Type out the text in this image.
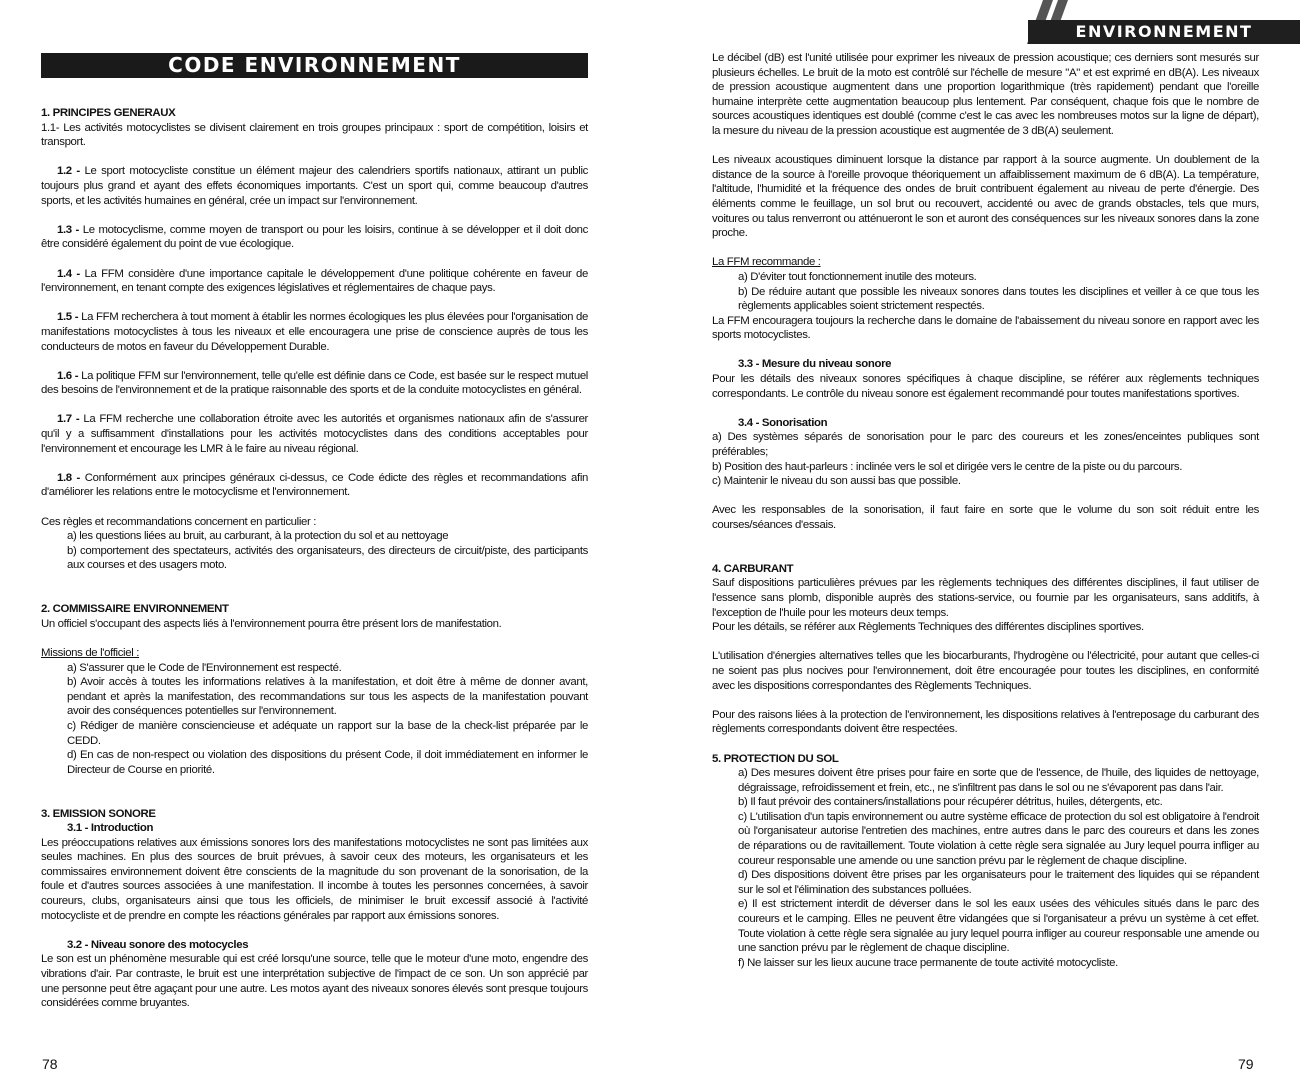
CODE ENVIRONNEMENT

1. PRINCIPES GENERAUX

1.1- Les activités motocyclistes se divisent clairement en trois groupes principaux : sport de compétition, loisirs et transport.

1.2 - Le sport motocycliste constitue un élément majeur des calendriers sportifs nationaux, attirant un public toujours plus grand et ayant des effets économiques importants. C'est un sport qui, comme beaucoup d'autres sports, et les activités humaines en général, crée un impact sur l'environnement.

1.3 - Le motocyclisme, comme moyen de transport ou pour les loisirs, continue à se développer et il doit donc être considéré également du point de vue écologique.

1.4 - La FFM considère d'une importance capitale le développement d'une politique cohérente en faveur de l'environnement, en tenant compte des exigences législatives et réglementaires de chaque pays.

1.5 - La FFM recherchera à tout moment à établir les normes écologiques les plus élevées pour l'organisation de manifestations motocyclistes à tous les niveaux et elle encouragera une prise de conscience auprès de tous les conducteurs de motos en faveur du Développement Durable.

1.6 - La politique FFM sur l'environnement, telle qu'elle est définie dans ce Code, est basée sur le respect mutuel des besoins de l'environnement et de la pratique raisonnable des sports et de la conduite motocyclistes en général.

1.7 - La FFM recherche une collaboration étroite avec les autorités et organismes nationaux afin de s'assurer qu'il y a suffisamment d'installations pour les activités motocyclistes dans des conditions acceptables pour l'environnement et encourage les LMR à le faire au niveau régional.

1.8 - Conformément aux principes généraux ci-dessus, ce Code édicte des règles et recommandations afin d'améliorer les relations entre le motocyclisme et l'environnement.

Ces règles et recommandations concernent en particulier :

a) les questions liées au bruit, au carburant, à la protection du sol et au nettoyage

b) comportement des spectateurs, activités des organisateurs, des directeurs de circuit/piste, des participants aux courses et des usagers moto.

2. COMMISSAIRE ENVIRONNEMENT

Un officiel s'occupant des aspects liés à l'environnement pourra être présent lors de manifestation.

Missions de l'officiel :

a) S'assurer que le Code de l'Environnement est respecté.

b) Avoir accès à toutes les informations relatives à la manifestation, et doit être à même de donner avant, pendant et après la manifestation, des recommandations sur tous les aspects de la manifestation pouvant avoir des conséquences potentielles sur l'environnement.

c) Rédiger de manière consciencieuse et adéquate un rapport sur la base de la check-list préparée par le CEDD.

d) En cas de non-respect ou violation des dispositions du présent Code, il doit immédiatement en informer le Directeur de Course en priorité.

3. EMISSION SONORE

3.1 - Introduction

Les préoccupations relatives aux émissions sonores lors des manifestations motocyclistes ne sont pas limitées aux seules machines. En plus des sources de bruit prévues, à savoir ceux des moteurs, les organisateurs et les commissaires environnement doivent être conscients de la magnitude du son provenant de la sonorisation, de la foule et d'autres sources associées à une manifestation. Il incombe à toutes les personnes concernées, à savoir coureurs, clubs, organisateurs ainsi que tous les officiels, de minimiser le bruit excessif associé à l'activité motocycliste et de prendre en compte les réactions générales par rapport aux émissions sonores.

3.2 - Niveau sonore des motocycles

Le son est un phénomène mesurable qui est créé lorsqu'une source, telle que le moteur d'une moto, engendre des vibrations d'air. Par contraste, le bruit est une interprétation subjective de l'impact de ce son. Un son apprécié par une personne peut être agaçant pour une autre. Les motos ayant des niveaux sonores élevés sont presque toujours considérées comme bruyantes.

78
ENVIRONNEMENT

Le décibel (dB) est l'unité utilisée pour exprimer les niveaux de pression acoustique; ces derniers sont mesurés sur plusieurs échelles. Le bruit de la moto est contrôlé sur l'échelle de mesure "A" et est exprimé en dB(A). Les niveaux de pression acoustique augmentent dans une proportion logarithmique (très rapidement) pendant que l'oreille humaine interprète cette augmentation beaucoup plus lentement. Par conséquent, chaque fois que le nombre de sources acoustiques identiques est doublé (comme c'est le cas avec les nombreuses motos sur la ligne de départ), la mesure du niveau de la pression acoustique est augmentée de 3 dB(A) seulement.

Les niveaux acoustiques diminuent lorsque la distance par rapport à la source augmente. Un doublement de la distance de la source à l'oreille provoque théoriquement un affaiblissement maximum de 6 dB(A). La température, l'altitude, l'humidité et la fréquence des ondes de bruit contribuent également au niveau de perte d'énergie. Des éléments comme le feuillage, un sol brut ou recouvert, accidenté ou avec de grands obstacles, tels que murs, voitures ou talus renverront ou atténueront le son et auront des conséquences sur les niveaux sonores dans la zone proche.

La FFM recommande :

a) D'éviter tout fonctionnement inutile des moteurs.

b) De réduire autant que possible les niveaux sonores dans toutes les disciplines et veiller à ce que tous les règlements applicables soient strictement respectés.

La FFM encouragera toujours la recherche dans le domaine de l'abaissement du niveau sonore en rapport avec les sports motocyclistes.

3.3 - Mesure du niveau sonore

Pour les détails des niveaux sonores spécifiques à chaque discipline, se référer aux règlements techniques correspondants. Le contrôle du niveau sonore est également recommandé pour toutes manifestations sportives.

3.4 - Sonorisation

a) Des systèmes séparés de sonorisation pour le parc des coureurs et les zones/enceintes publiques sont préférables;

b) Position des haut-parleurs : inclinée vers le sol et dirigée vers le centre de la piste ou du parcours.

c) Maintenir le niveau du son aussi bas que possible.

Avec les responsables de la sonorisation, il faut faire en sorte que le volume du son soit réduit entre les courses/séances d'essais.

4. CARBURANT

Sauf dispositions particulières prévues par les règlements techniques des différentes disciplines, il faut utiliser de l'essence sans plomb, disponible auprès des stations-service, ou fournie par les organisateurs, sans additifs, à l'exception de l'huile pour les moteurs deux temps.

Pour les détails, se référer aux Règlements Techniques des différentes disciplines sportives.

L'utilisation d'énergies alternatives telles que les biocarburants, l'hydrogène ou l'électricité, pour autant que celles-ci ne soient pas plus nocives pour l'environnement, doit être encouragée pour toutes les disciplines, en conformité avec les dispositions correspondantes des Règlements Techniques.

Pour des raisons liées à la protection de l'environnement, les dispositions relatives à l'entreposage du carburant des règlements correspondants doivent être respectées.

5. PROTECTION DU SOL

a) Des mesures doivent être prises pour faire en sorte que de l'essence, de l'huile, des liquides de nettoyage, dégraissage, refroidissement et frein, etc., ne s'infiltrent pas dans le sol ou ne s'évaporent pas dans l'air.

b) Il faut prévoir des containers/installations pour récupérer détritus, huiles, détergents, etc.

c) L'utilisation d'un tapis environnement ou autre système efficace de protection du sol est obligatoire à l'endroit où l'organisateur autorise l'entretien des machines, entre autres dans le parc des coureurs et dans les zones de réparations ou de ravitaillement. Toute violation à cette règle sera signalée au Jury lequel pourra infliger au coureur responsable une amende ou une sanction prévu par le règlement de chaque discipline.

d) Des dispositions doivent être prises par les organisateurs pour le traitement des liquides qui se répandent sur le sol et l'élimination des substances polluées.

e) Il est strictement interdit de déverser dans le sol les eaux usées des véhicules situés dans le parc des coureurs et le camping. Elles ne peuvent être vidangées que si l'organisateur a prévu un système à cet effet. Toute violation à cette règle sera signalée au jury lequel pourra infliger au coureur responsable une amende ou une sanction prévu par le règlement de chaque discipline.

f) Ne laisser sur les lieux aucune trace permanente de toute activité motocycliste.

79
